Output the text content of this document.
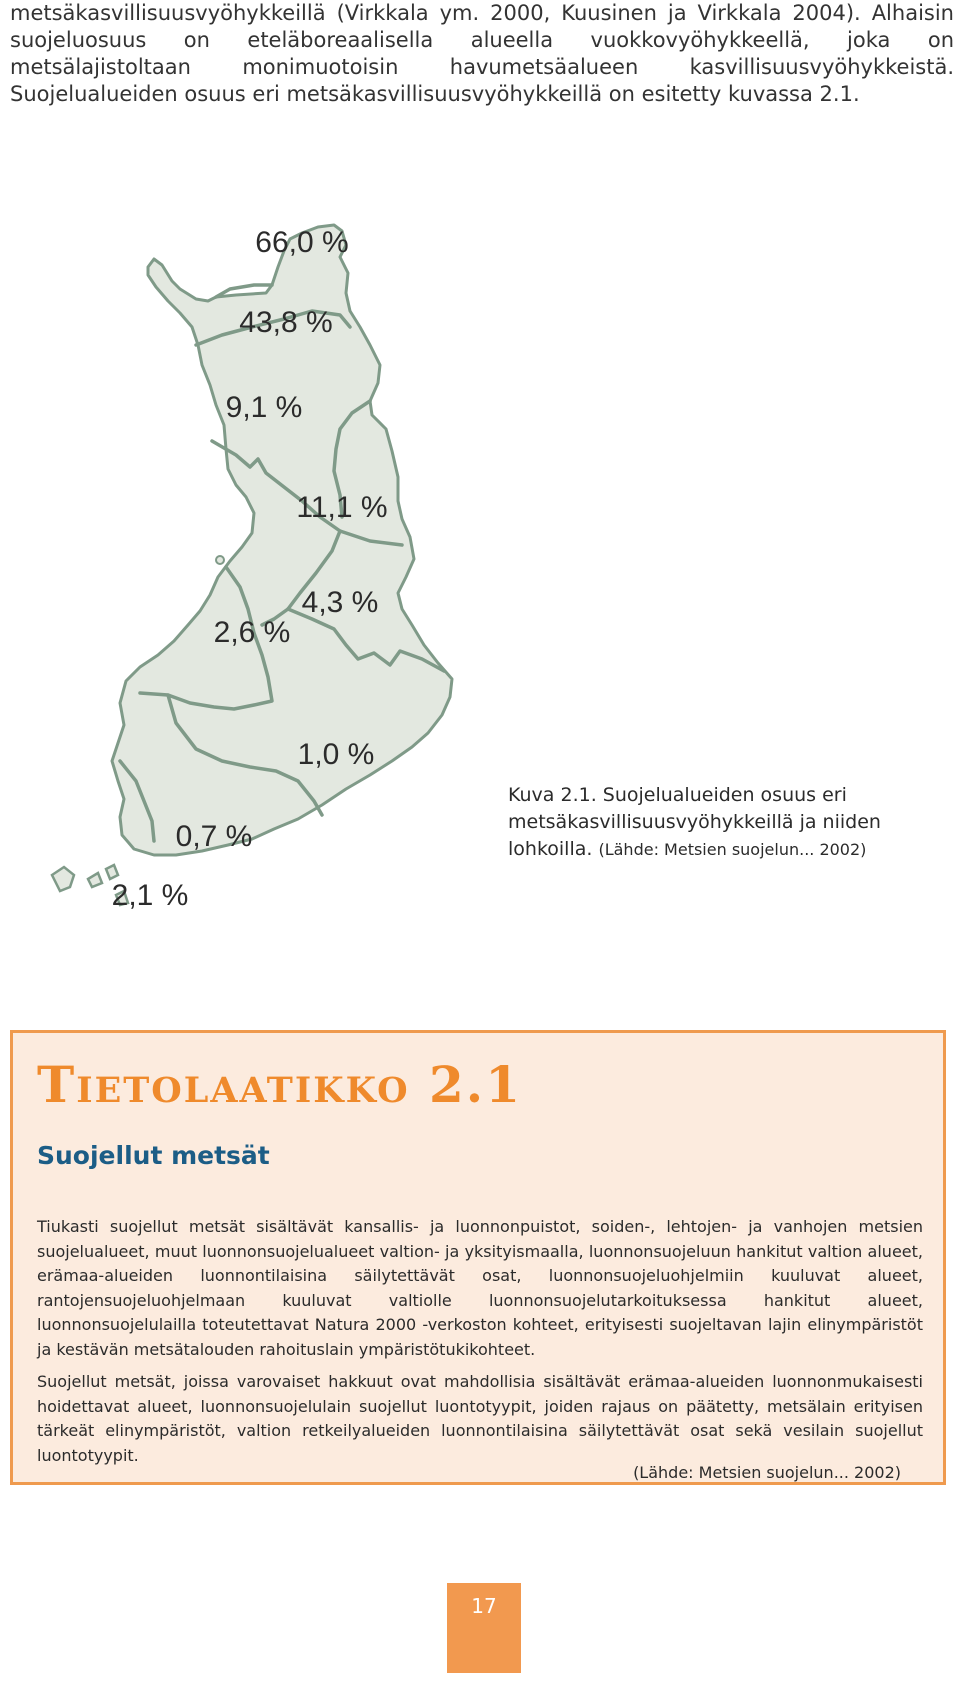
metsäkasvillisuusvyöhykkeillä (Virkkala ym. 2000, Kuusinen ja Virkkala 2004). Alhaisin suojeluosuus on eteläboreaalisella alueella vuokkovyöhykkeellä, joka on metsälajistoltaan monimuotoisin havumetsäalueen kasvillisuusvyöhykkeistä. Suojelualueiden osuus eri metsäkasvillisuusvyöhykkeillä on esitetty kuvassa 2.1.

66,0 %
43,8 %
9,1 %
11,1 %
2,6 %
4,3 %
1,0 %
0,7 %
2,1 %
Kuva 2.1. Suojelualueiden osuus eri metsäkasvillisuusvyöhykkeillä ja niiden lohkoilla. (Lähde: Metsien suojelun... 2002)
Tietolaatikko 2.1
Suojellut metsät

Tiukasti suojellut metsät sisältävät kansallis- ja luonnonpuistot, soiden-, lehtojen- ja vanhojen metsien suojelualueet, muut luonnonsuojelualueet valtion- ja yksityismaalla, luonnonsuojeluun hankitut valtion alueet, erämaa-alueiden luonnontilaisina säilytettävät osat, luonnonsuojeluohjelmiin kuuluvat alueet, rantojensuojeluohjelmaan kuuluvat valtiolle luonnonsuojelutarkoituksessa hankitut alueet, luonnonsuojelulailla toteutettavat Natura 2000 -verkoston kohteet, erityisesti suojeltavan lajin elinympäristöt ja kestävän metsätalouden rahoituslain ympäristötukikohteet.

Suojellut metsät, joissa varovaiset hakkuut ovat mahdollisia sisältävät erämaa-alueiden luonnonmukaisesti hoidettavat alueet, luonnonsuojelulain suojellut luontotyypit, joiden rajaus on päätetty, metsälain erityisen tärkeät elinympäristöt, valtion retkeilyalueiden luonnontilaisina säilytettävät osat sekä vesilain suojellut luontotyypit.

(Lähde: Metsien suojelun... 2002)

17
